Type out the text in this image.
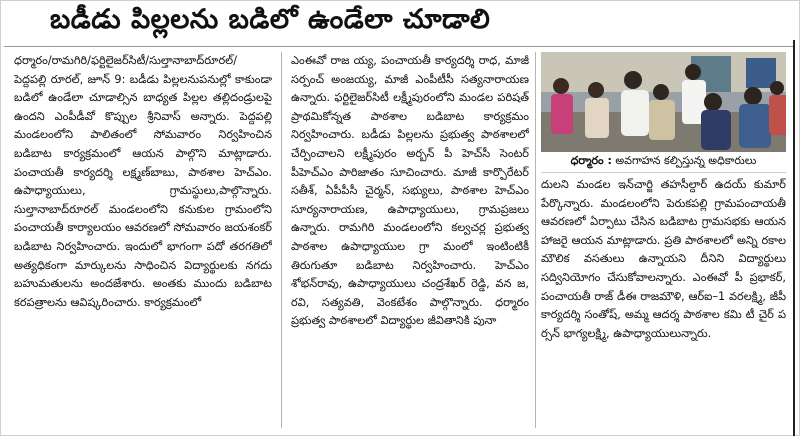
బడీడు పిల్లలను బడిలో ఉండేలా చూడాలి

ధర్మారం/రామగిరి/ఫర్టిలైజర్‌సిటీ/సుల్తానాబాద్‌రూరల్‌/ పెద్దపల్లి రూరల్‌, జూన్‌ 9: బడీడు పిల్లలనుపనుల్లో కాకుండా బడిలో ఉండేలా చూడాల్సిన బాధ్యత పిల్లల తల్లిదండ్రులపై ఉందని ఎంపీడీవో కొప్పుల శ్రీనివాస్‌ అన్నారు. పెద్దపల్లి మండలంలోని పాలితంలో సోమవారం నిర్వహించిన బడిబాట కార్యక్రమంలో ఆయన పాల్గొని మాట్లాడారు. పంచాయతీ కార్యదర్శి లక్ష్మణ్‌బాబు, పాఠశాల హెచ్‌ఎం. ఉపాధ్యాయులు, గ్రామస్థులు,పాల్గొన్నారు. సుల్తానాబాద్‌రూరల్‌ మండలంలోని కనుకుల గ్రామంలోని పంచాయతీ కార్యాలయం ఆవరణలో సోమవారం జయశంకర్‌ బడిబాట నిర్వహించారు. ఇందులో భాగంగా పదో తరగతిలో అత్యధికంగా మార్కులను సాధించిన విద్యార్థులకు నగదు బహుమతులను అందజేశారు. అంతకు ముందు బడిబాట కరపత్రాలను ఆవిష్కరించారు. కార్యక్రమంలో

ఎంఈవో రాజ య్య, పంచాయతీ కార్యదర్శి రాధ, మాజీ సర్పంచ్‌ అంజయ్య, మాజీ ఎంపీటీసీ సత్యనారాయణ ఉన్నారు. ఫర్టిలైజర్‌సిటీ లక్ష్మీపురంలోని మండల పరిషత్‌ ప్రాథమికోన్నత పాఠశాల బడిబాట కార్యక్రమం నిర్వహించారు. బడీడు పిల్లలను ప్రభుత్వ పాఠశాలలో చేర్పించాలని లక్ష్మీపురం అర్బన్‌ పీ హెచ్‌సీ సెంటర్‌ పీహెచ్‌ఎం పారిజాతం సూచించారు. మాజీ కార్పొరేటర్‌ సతీశ్‌, ఏపీపీసీ చైర్మన్‌, సభ్యులు, పాఠశాల హెచ్‌ఎం సూర్యనారాయణ, ఉపాధ్యాయులు, గ్రామప్రజలు ఉన్నారు. రామగిరి మండలంలోని కల్వచర్ల ప్రభుత్వ పాఠశాల ఉపాధ్యాయుల గ్రా మంలో ఇంటింటికీ తిరుగుతూ బడిబాట నిర్వహించారు. హెచ్‌ఎం శోభన్‌రావు, ఉపాధ్యాయులు చంద్రశేఖర్‌ రెడ్డి, వన జ, రవి, సత్యవతి, వెంకటేశం పాల్గొన్నారు. ధర్మారం ప్రభుత్వ పాఠశాలలో విద్యార్థుల జీవితానికి పునా

ధర్మారం : అవగాహన కల్పిస్తున్న అధికారులు

దులని మండల ఇన్‌చార్జి తహసీల్దార్‌ ఉదయ్‌ కుమార్‌ పేర్కొన్నారు. మండలంలోని పెరుకపల్లి గ్రామపంచాయతీ ఆవరణలో ఏర్పాటు చేసిన బడిబాట గ్రామసభకు ఆయన హాజరై ఆయన మాట్లాడారు. ప్రతి పాఠశాలలో అన్ని రకాల మౌలిక వసతులు ఉన్నాయని దీనిని విద్యార్థులు సద్వినియోగం చేసుకోవాలన్నారు. ఎంఈవో పీ ప్రభాకర్‌, పంచాయతీ రాజ్‌ డీఈ రాజమౌళి, ఆర్‌ఐ–1 వరలక్ష్మి, జీపీ కార్యదర్శి సంతోష్‌, అమ్మ ఆదర్శ పాఠశాల కమి టీ చైర్‌ ప ర్సన్‌ భాగ్యలక్ష్మి, ఉపాధ్యాయులున్నారు.
